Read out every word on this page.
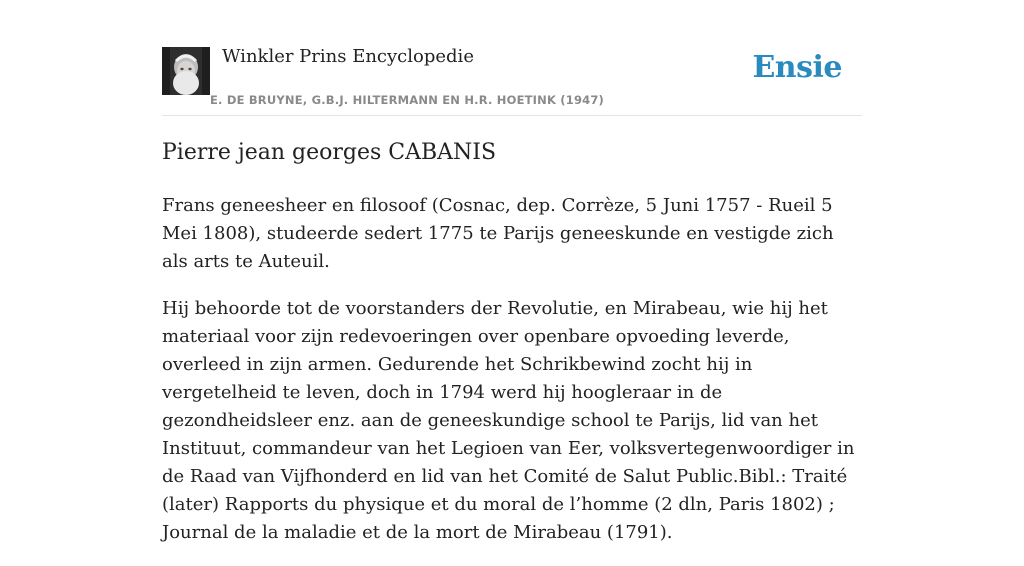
Winkler Prins Encyclopedie
E. DE BRUYNE, G.B.J. HILTERMANN EN H.R. HOETINK (1947)
Ensie
Pierre jean georges CABANIS

Frans geneesheer en filosoof (Cosnac, dep. Corrèze, 5 Juni 1757 - Rueil 5 Mei 1808), studeerde sedert 1775 te Parijs geneeskunde en vestigde zich als arts te Auteuil.

Hij behoorde tot de voorstanders der Revolutie, en Mirabeau, wie hij het materiaal voor zijn redevoeringen over openbare opvoeding leverde, overleed in zijn armen. Gedurende het Schrikbewind zocht hij in vergetelheid te leven, doch in 1794 werd hij hoogleraar in de gezondheidsleer enz. aan de geneeskundige school te Parijs, lid van het Instituut, commandeur van het Legioen van Eer, volksvertegenwoordiger in de Raad van Vijfhonderd en lid van het Comité de Salut Public.Bibl.: Traité (later) Rapports du physique et du moral de l’homme (2 dln, Paris 1802) ; Journal de la maladie et de la mort de Mirabeau (1791).
